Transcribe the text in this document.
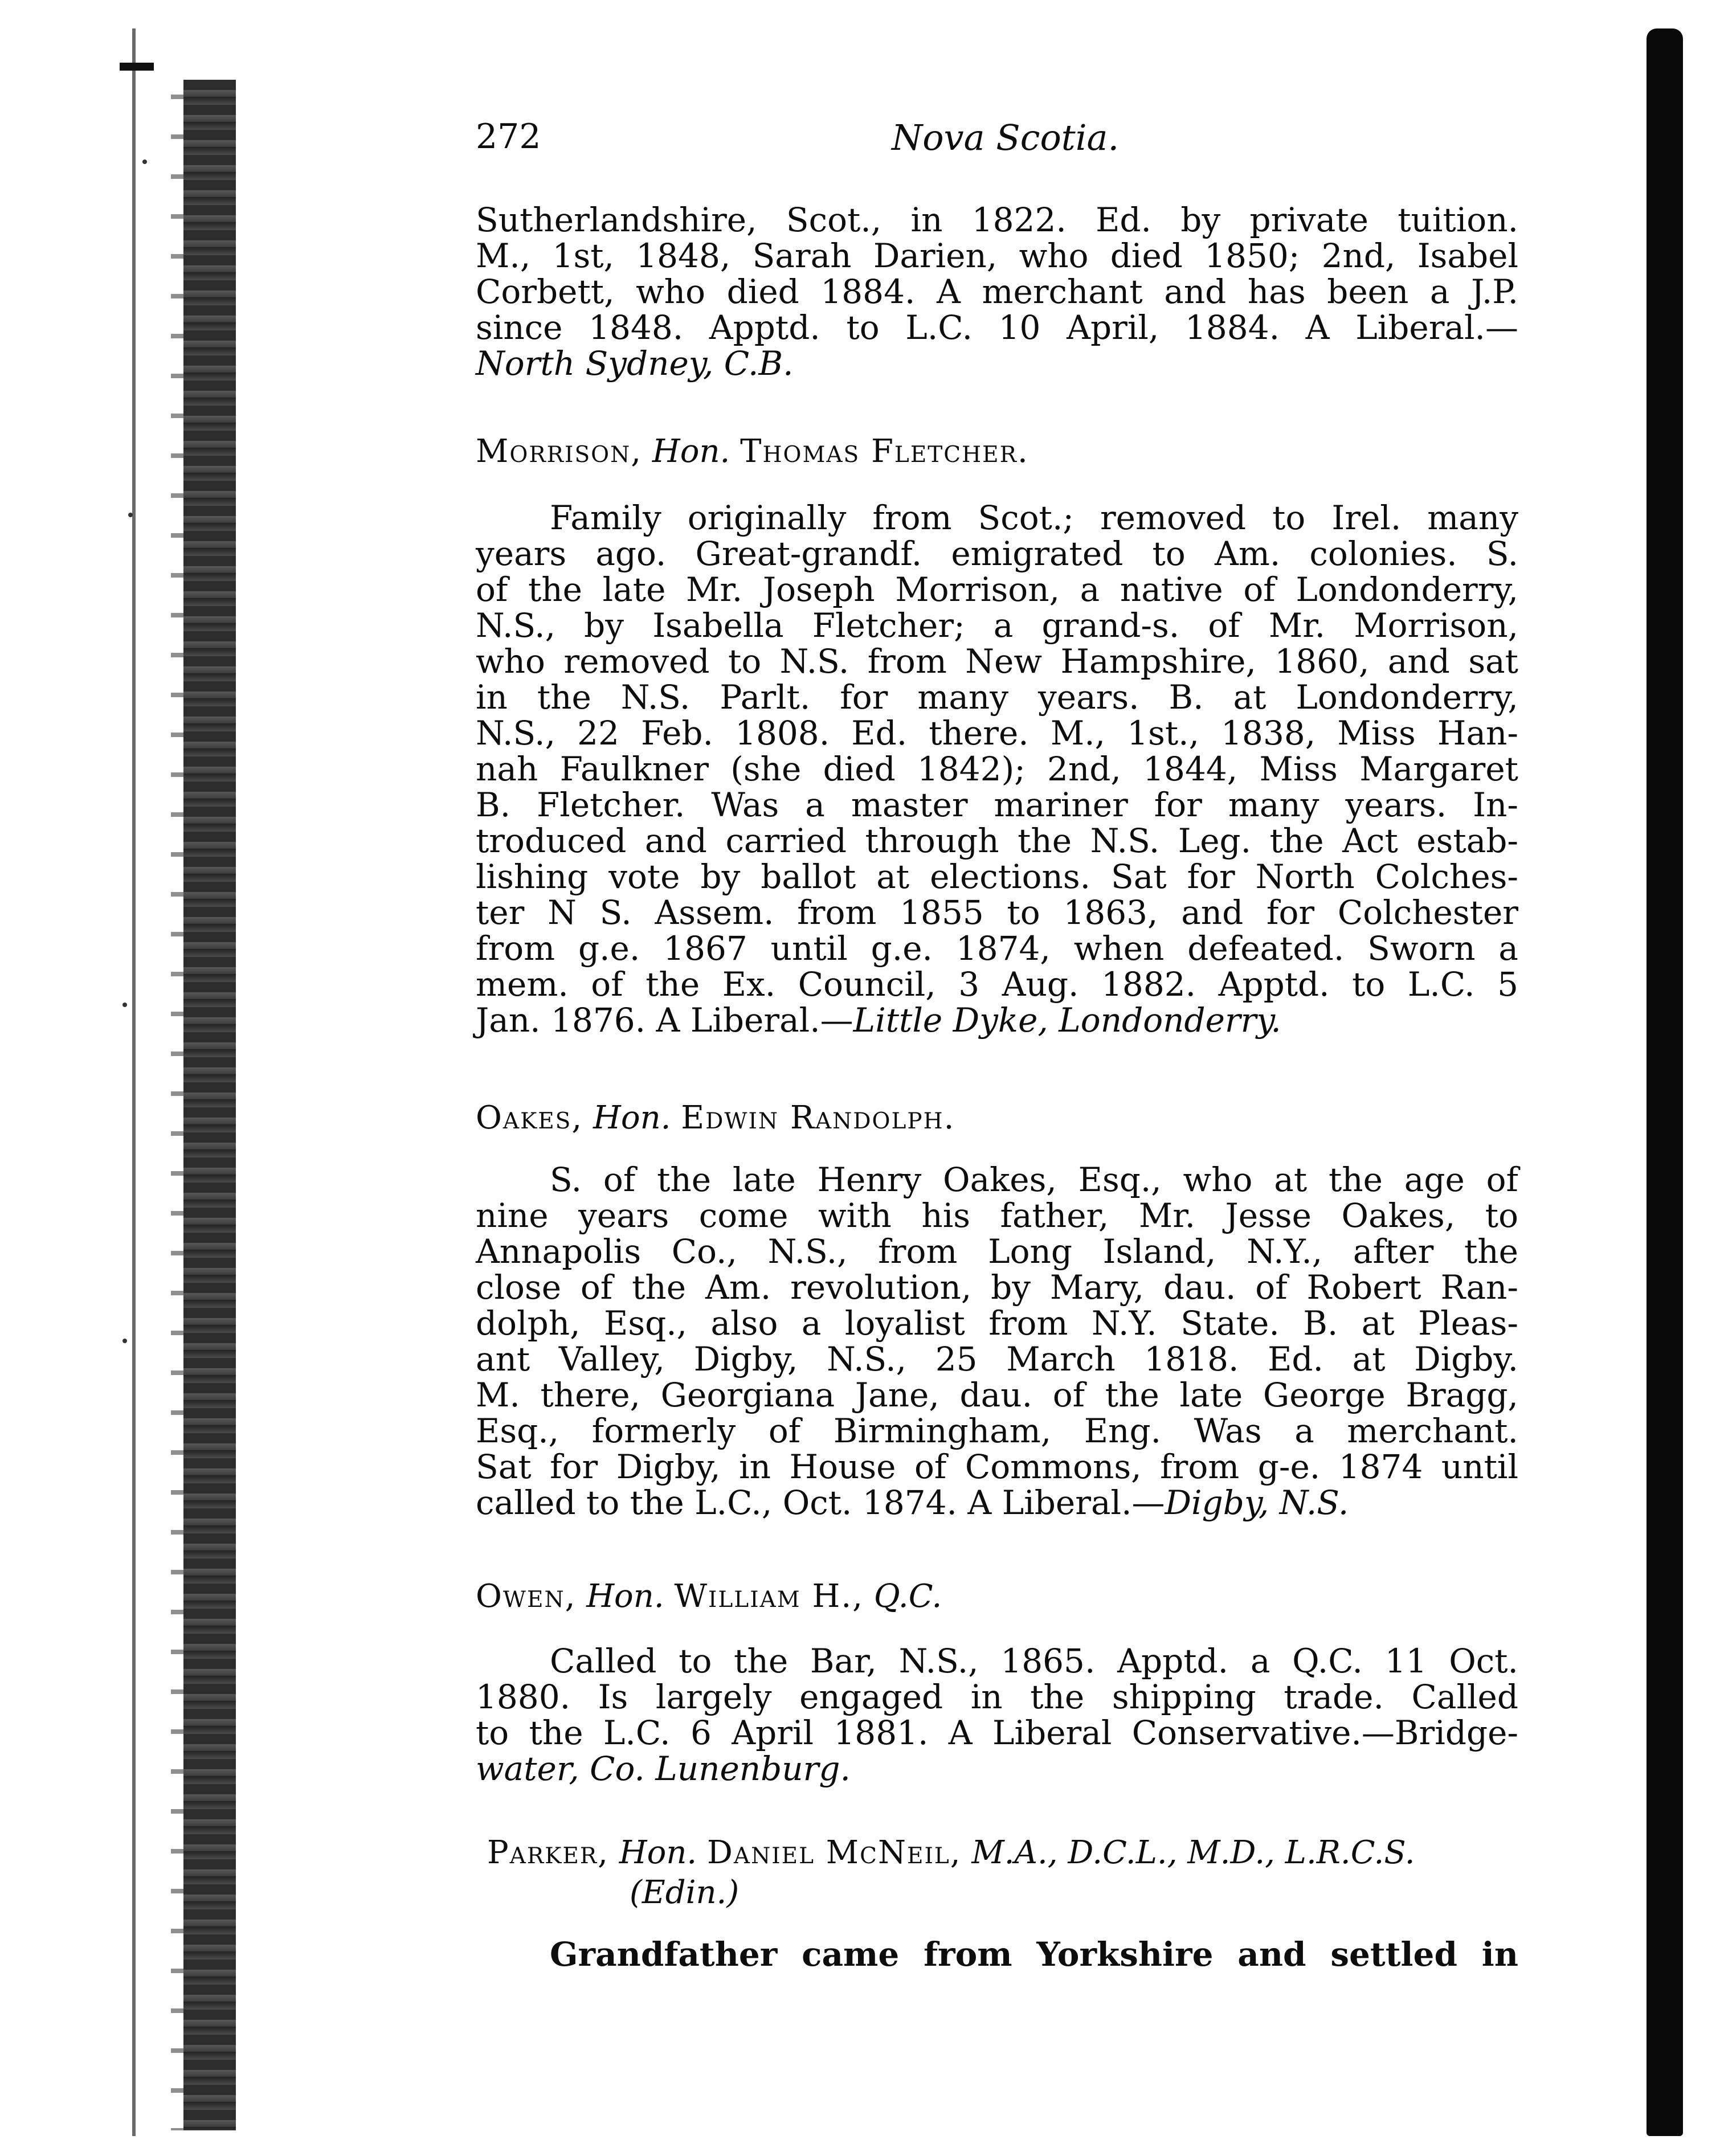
272	Nova Scotia.
Sutherlandshire, Scot., in 1822. Ed. by private tuition.
M., 1st, 1848, Sarah Darien, who died 1850; 2nd, Isabel
Corbett, who died 1884. A merchant and has been a J.P.
since 1848. Apptd. to L.C. 10 April, 1884. A Liberal.—
North Sydney, C.B.
Morrison, Hon. Thomas Fletcher.
Family originally from Scot.; removed to Irel. many
years ago. Great-grandf. emigrated to Am. colonies. S.
of the late Mr. Joseph Morrison, a native of Londonderry,
N.S., by Isabella Fletcher; a grand-s. of Mr. Morrison,
who removed to N.S. from New Hampshire, 1860, and sat
in the N.S. Parlt. for many years. B. at Londonderry,
N.S., 22 Feb. 1808. Ed. there. M., 1st., 1838, Miss Han-
nah Faulkner (she died 1842); 2nd, 1844, Miss Margaret
B. Fletcher. Was a master mariner for many years. In-
troduced and carried through the N.S. Leg. the Act estab-
lishing vote by ballot at elections. Sat for North Colches-
ter N S. Assem. from 1855 to 1863, and for Colchester
from g.e. 1867 until g.e. 1874, when defeated. Sworn a
mem. of the Ex. Council, 3 Aug. 1882. Apptd. to L.C. 5
Jan. 1876. A Liberal.—Little Dyke, Londonderry.
Oakes, Hon. Edwin Randolph.
S. of the late Henry Oakes, Esq., who at the age of
nine years come with his father, Mr. Jesse Oakes, to
Annapolis Co., N.S., from Long Island, N.Y., after the
close of the Am. revolution, by Mary, dau. of Robert Ran-
dolph, Esq., also a loyalist from N.Y. State. B. at Pleas-
ant Valley, Digby, N.S., 25 March 1818. Ed. at Digby.
M. there, Georgiana Jane, dau. of the late George Bragg,
Esq., formerly of Birmingham, Eng. Was a merchant.
Sat for Digby, in House of Commons, from g-e. 1874 until
called to the L.C., Oct. 1874. A Liberal.—Digby, N.S.
Owen, Hon. William H., Q.C.
Called to the Bar, N.S., 1865. Apptd. a Q.C. 11 Oct.
1880. Is largely engaged in the shipping trade. Called
to the L.C. 6 April 1881. A Liberal Conservative.—Bridge-
water, Co. Lunenburg.
Parker, Hon. Daniel McNeil, M.A., D.C.L., M.D., L.R.C.S.
(Edin.)
Grandfather came from Yorkshire and settled in
